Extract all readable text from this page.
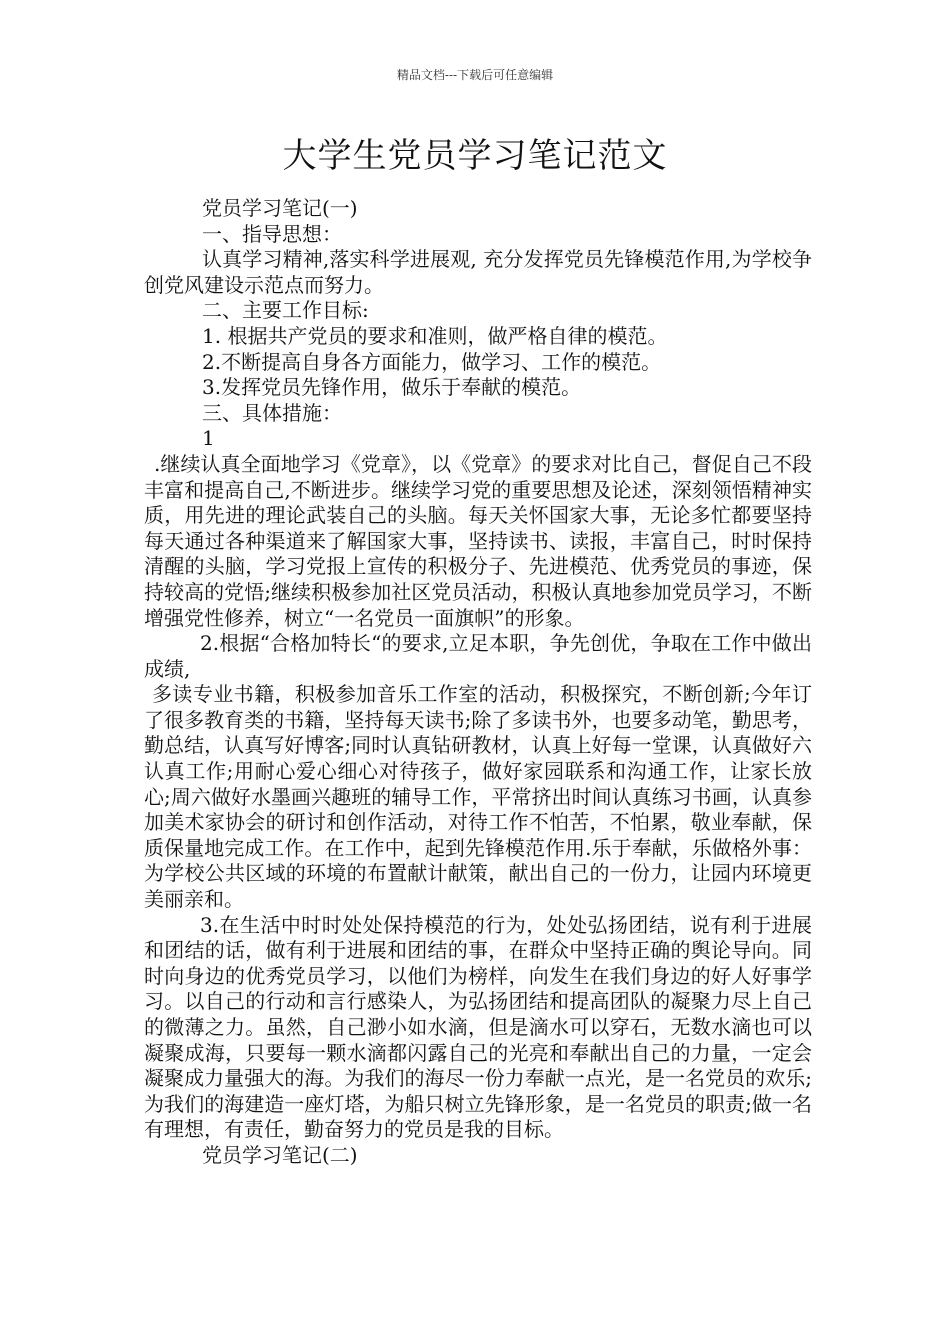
精品文档---下载后可任意编辑
大学生党员学习笔记范文

党员学习笔记(一)

一、指导思想：

认真学习精神,落实科学进展观, 充分发挥党员先锋模范作用,为学校争创党风建设示范点而努力。

二、主要工作目标:

1. 根据共产党员的要求和准则，做严格自律的模范。

2.不断提高自身各方面能力，做学习、工作的模范。

3.发挥党员先锋作用，做乐于奉献的模范。

三、具体措施：

1

.继续认真全面地学习《党章》，以《党章》的要求对比自己，督促自己不段丰富和提高自己,不断进步。继续学习党的重要思想及论述，深刻领悟精神实质，用先进的理论武装自己的头脑。每天关怀国家大事，无论多忙都要坚持每天通过各种渠道来了解国家大事，坚持读书、读报，丰富自己，时时保持清醒的头脑，学习党报上宣传的积极分子、先进模范、优秀党员的事迹，保持较高的党悟;继续积极参加社区党员活动，积极认真地参加党员学习，不断增强党性修养，树立“一名党员一面旗帜”的形象。

2.根据“合格加特长“的要求,立足本职，争先创优，争取在工作中做出成绩,

多读专业书籍，积极参加音乐工作室的活动，积极探究，不断创新;今年订了很多教育类的书籍，坚持每天读书;除了多读书外，也要多动笔，勤思考，勤总结，认真写好博客;同时认真钻研教材，认真上好每一堂课，认真做好六认真工作;用耐心爱心细心对待孩子，做好家园联系和沟通工作，让家长放心;周六做好水墨画兴趣班的辅导工作，平常挤出时间认真练习书画，认真参加美术家协会的研讨和创作活动，对待工作不怕苦，不怕累，敬业奉献，保质保量地完成工作。在工作中，起到先锋模范作用.乐于奉献，乐做格外事：为学校公共区域的环境的布置献计献策，献出自己的一份力，让园内环境更美丽亲和。

3.在生活中时时处处保持模范的行为，处处弘扬团结，说有利于进展和团结的话，做有利于进展和团结的事，在群众中坚持正确的舆论导向。同时向身边的优秀党员学习，以他们为榜样，向发生在我们身边的好人好事学习。以自己的行动和言行感染人，为弘扬团结和提高团队的凝聚力尽上自己的微薄之力。虽然，自己渺小如水滴，但是滴水可以穿石，无数水滴也可以凝聚成海，只要每一颗水滴都闪露自己的光亮和奉献出自己的力量，一定会凝聚成力量强大的海。为我们的海尽一份力奉献一点光，是一名党员的欢乐;为我们的海建造一座灯塔，为船只树立先锋形象，是一名党员的职责;做一名有理想，有责任，勤奋努力的党员是我的目标。

党员学习笔记(二)
